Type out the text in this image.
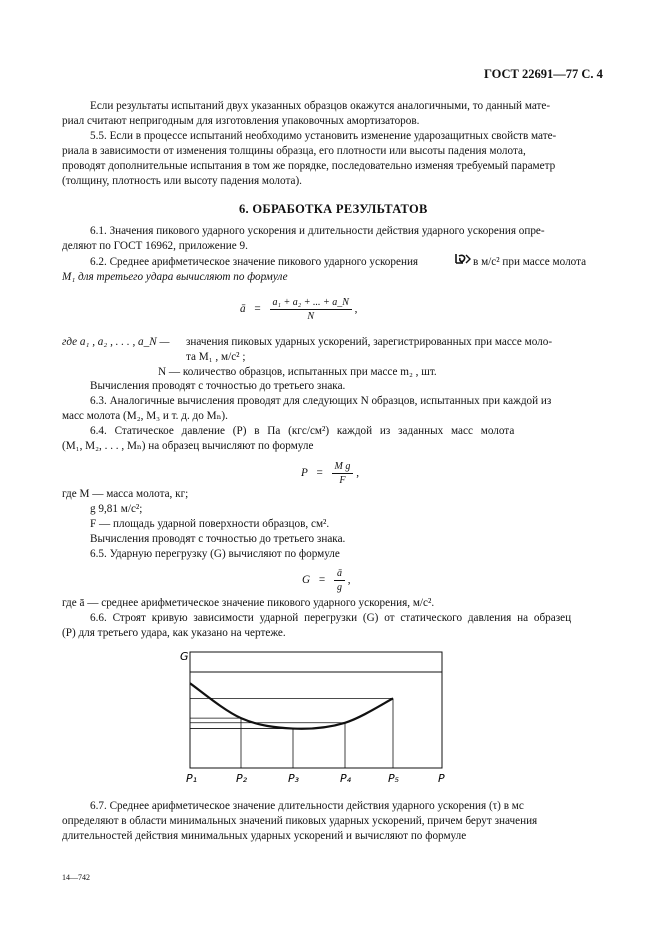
ГОСТ 22691—77 С. 4
Если результаты испытаний двух указанных образцов окажутся аналогичными, то данный мате-
риал считают непригодным для изготовления упаковочных амортизаторов.
5.5. Если в процессе испытаний необходимо установить изменение ударозащитных свойств мате-
риала в зависимости от изменения толщины образца, его плотности или высоты падения молота,
проводят дополнительные испытания в том же порядке, последовательно изменяя требуемый параметр
(толщину, плотность или высоту падения молота).
6. ОБРАБОТКА РЕЗУЛЬТАТОВ
6.1. Значения пикового ударного ускорения и длительности действия ударного ускорения опре-
деляют по ГОСТ 16962, приложение 9.
6.2. Среднее арифметическое значение пикового ударного ускорения	в м/с² при массе молота
M₁ для третьего удара вычисляют по формуле
ā = $\frac{\text{a₁ + a₂ + ... + a\_N}}{N}$ ,
где a₁ , a₂ , . . . , a_N — значения пиковых ударных ускорений, зарегистрированных при массе моло-
та M₁ , м/с² ;
N — количество образцов, испытанных при массе m₂ , шт.
Вычисления проводят с точностью до третьего знака.
6.3. Аналогичные вычисления проводят для следующих N образцов, испытанных при каждой из
масс молота (M₂, M₃ и т. д. до Mₙ).
6.4. Статическое давление (P) в Па (кгс/см²) каждой из заданных масс молота
(M₁, M₂, . . . , Mₙ) на образец вычисляют по формуле
$P = \frac{\text{M g}}{F}$ ,
где M — масса молота, кг;
g 9,81 м/с²;
F — площадь ударной поверхности образцов, см².
Вычисления проводят с точностью до третьего знака.
6.5. Ударную перегрузку (G) вычисляют по формуле
$G = \frac{ā}{g}$ ,
где ā — среднее арифметическое значение пикового ударного ускорения, м/с².
6.6. Строят кривую зависимости ударной перегрузки (G) от статического давления на образец
(P) для третьего удара, как указано на чертеже.
G
P₁	P₂	P₃	P₄	P₅	P
6.7. Среднее арифметическое значение длительности действия ударного ускорения (τ) в мс
определяют в области минимальных значений пиковых ударных ускорений, причем берут значения
длительностей действия минимальных ударных ускорений и вычисляют по формуле
14—742
